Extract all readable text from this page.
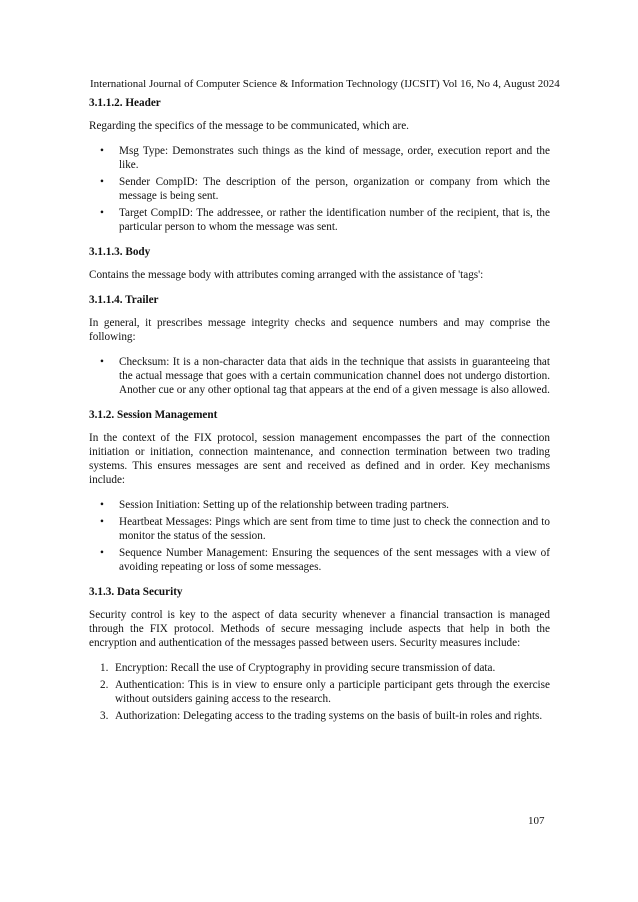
International Journal of Computer Science & Information Technology (IJCSIT) Vol 16, No 4, August 2024
3.1.1.2. Header

Regarding the specifics of the message to be communicated, which are.

• Msg Type: Demonstrates such things as the kind of message, order, execution report and the like.
• Sender CompID: The description of the person, organization or company from which the message is being sent.
• Target CompID: The addressee, or rather the identification number of the recipient, that is, the particular person to whom the message was sent.
3.1.1.3. Body

Contains the message body with attributes coming arranged with the assistance of 'tags':

3.1.1.4. Trailer

In general, it prescribes message integrity checks and sequence numbers and may comprise the following:

• Checksum: It is a non-character data that aids in the technique that assists in guaranteeing that the actual message that goes with a certain communication channel does not undergo distortion. Another cue or any other optional tag that appears at the end of a given message is also allowed.
3.1.2. Session Management

In the context of the FIX protocol, session management encompasses the part of the connection initiation or initiation, connection maintenance, and connection termination between two trading systems. This ensures messages are sent and received as defined and in order. Key mechanisms include:

• Session Initiation: Setting up of the relationship between trading partners.
• Heartbeat Messages: Pings which are sent from time to time just to check the connection and to monitor the status of the session.
• Sequence Number Management: Ensuring the sequences of the sent messages with a view of avoiding repeating or loss of some messages.
3.1.3. Data Security

Security control is key to the aspect of data security whenever a financial transaction is managed through the FIX protocol. Methods of secure messaging include aspects that help in both the encryption and authentication of the messages passed between users. Security measures include:

1. Encryption: Recall the use of Cryptography in providing secure transmission of data.
2. Authentication: This is in view to ensure only a participle participant gets through the exercise without outsiders gaining access to the research.
3. Authorization: Delegating access to the trading systems on the basis of built-in roles and rights.
107
